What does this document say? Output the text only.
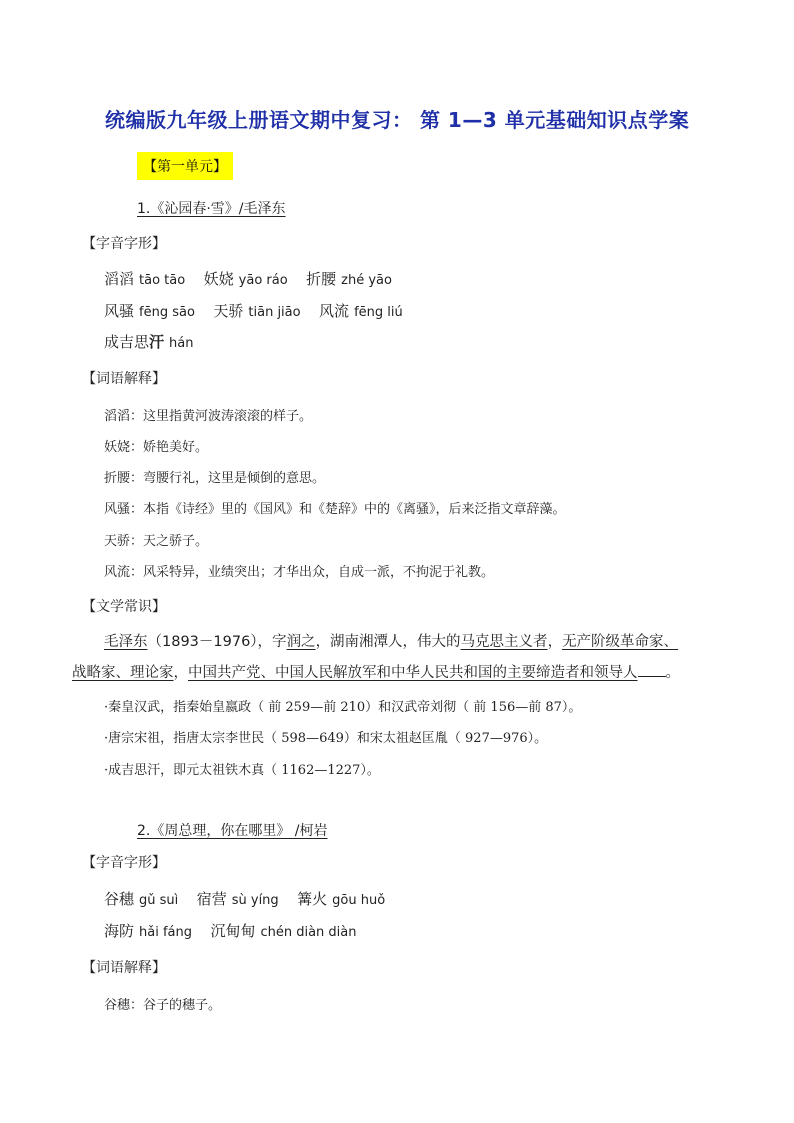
统编版九年级上册语文期中复习： 第 1—3 单元基础知识点学案
【第一单元】
1.《沁园春·雪》/毛泽东
【字音字形】
滔滔 tāo tāo 妖娆 yāo ráo 折腰 zhé yāo
风骚 fēng sāo 天骄 tiān jiāo 风流 fēng liú
成吉思汗 hán
【词语解释】
滔滔：这里指黄河波涛滚滚的样子。
妖娆：娇艳美好。
折腰：弯腰行礼，这里是倾倒的意思。
风骚：本指《诗经》里的《国风》和《楚辞》中的《离骚》，后来泛指文章辞藻。
天骄：天之骄子。
风流：风采特异，业绩突出；才华出众，自成一派，不拘泥于礼教。
【文学常识】
毛泽东（1893－1976），字润之，湖南湘潭人，伟大的马克思主义者，无产阶级革命家、
战略家、理论家，中国共产党、中国人民解放军和中华人民共和国的主要缔造者和领导人 。
·秦皇汉武，指秦始皇嬴政（ 前 259—前 210）和汉武帝刘彻（ 前 156—前 87）。
·唐宗宋祖，指唐太宗李世民（ 598—649）和宋太祖赵匡胤（ 927—976）。
·成吉思汗，即元太祖铁木真（ 1162—1227）。
2.《周总理，你在哪里》 /柯岩
【字音字形】
谷穗 gǔ suì 宿营 sù yíng 篝火 gōu huǒ
海防 hǎi fáng 沉甸甸 chén diàn diàn
【词语解释】
谷穗：谷子的穗子。
